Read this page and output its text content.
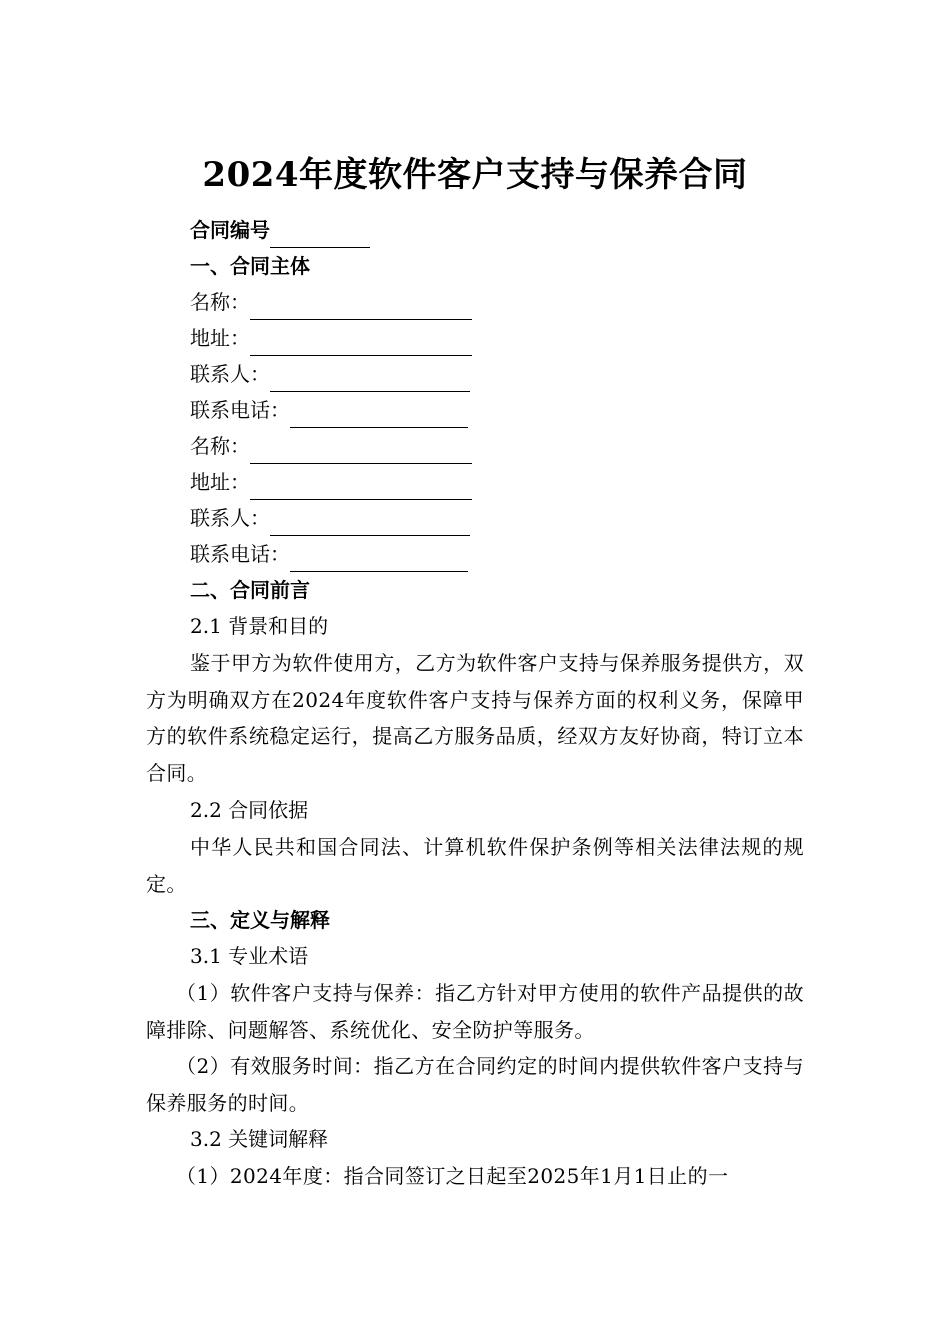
2024年度软件客户支持与保养合同
合同编号
一、合同主体
名称：
地址：
联系人：
联系电话：
名称：
地址：
联系人：
联系电话：
二、合同前言
2.1 背景和目的
鉴于甲方为软件使用方，乙方为软件客户支持与保养服务提供方，双方为明确双方在2024年度软件客户支持与保养方面的权利义务，保障甲方的软件系统稳定运行，提高乙方服务品质，经双方友好协商，特订立本合同。
2.2 合同依据
中华人民共和国合同法、计算机软件保护条例等相关法律法规的规定。
三、定义与解释
3.1 专业术语
（1）软件客户支持与保养：指乙方针对甲方使用的软件产品提供的故障排除、问题解答、系统优化、安全防护等服务。
（2）有效服务时间：指乙方在合同约定的时间内提供软件客户支持与保养服务的时间。
3.2 关键词解释
（1）2024年度：指合同签订之日起至2025年1月1日止的一
